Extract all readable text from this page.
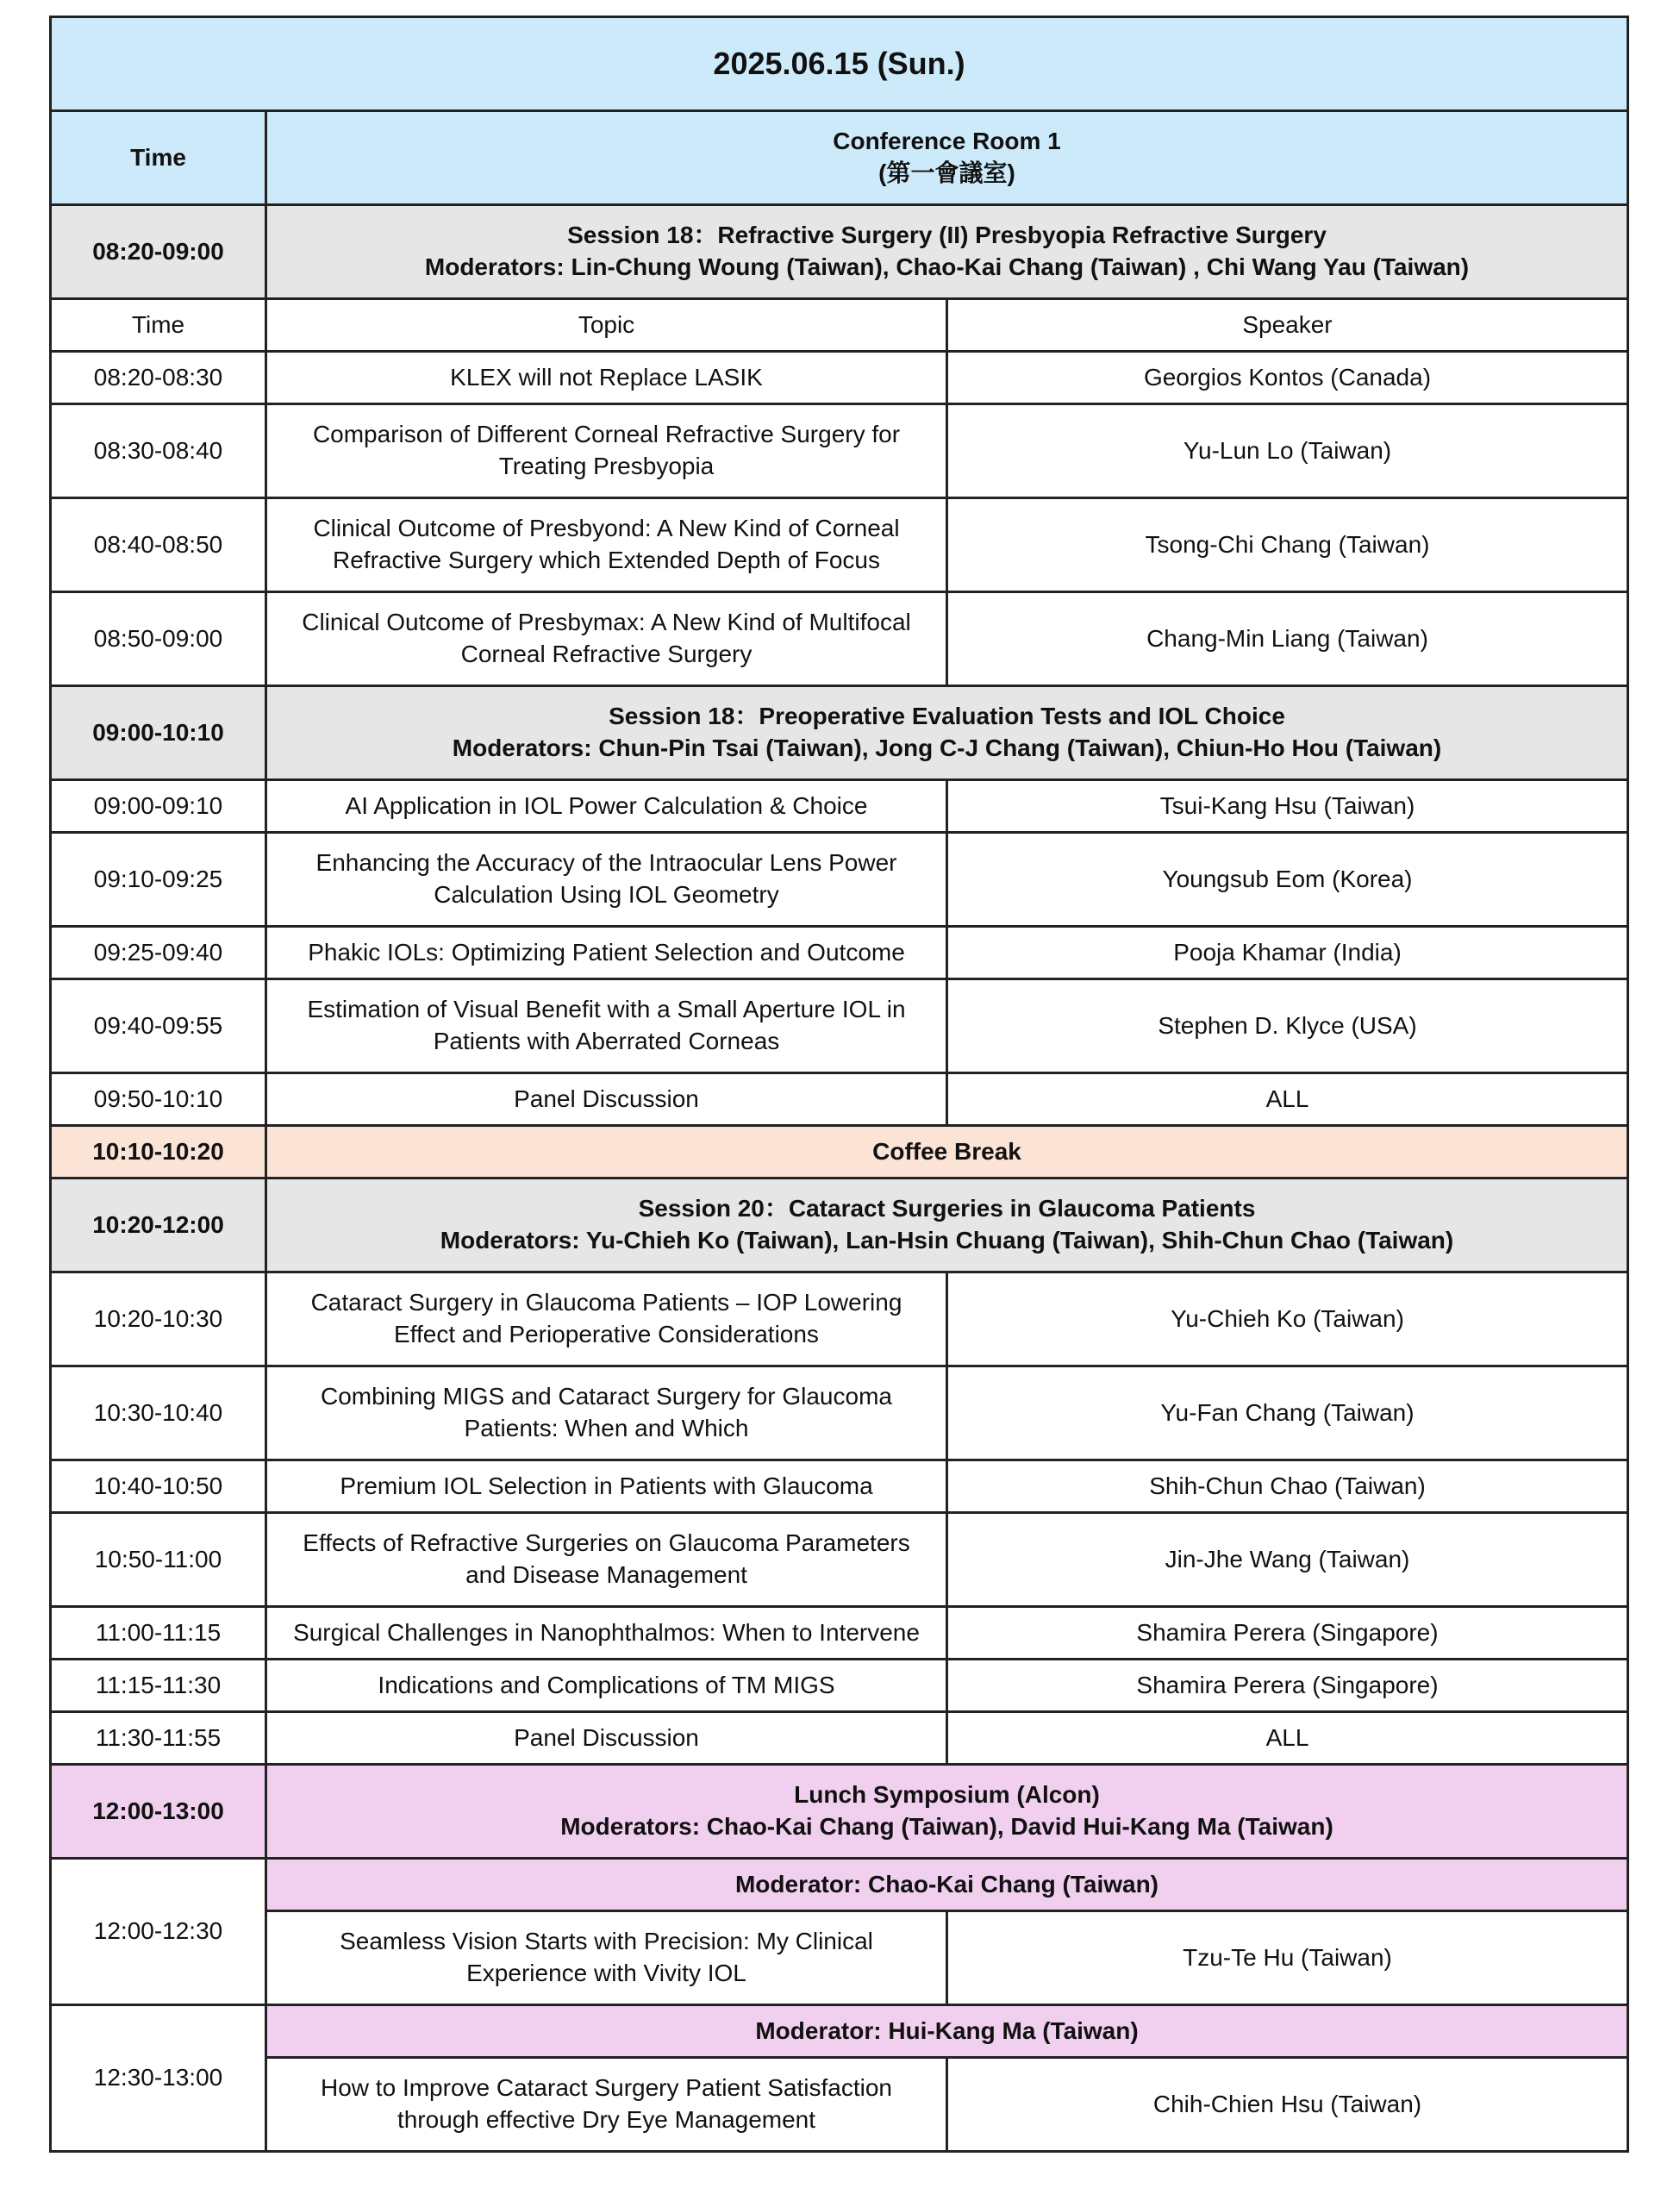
2025.06.15 (Sun.)		
Time	Conference Room 1
(第一會議室)	

08:20-09:00	Session 18：Refractive Surgery (II) Presbyopia Refractive Surgery
Moderators: Lin-Chung Woung (Taiwan), Chao-Kai Chang (Taiwan) , Chi Wang Yau (Taiwan)	

Time	Topic	Speaker
08:20-08:30	KLEX will not Replace LASIK	Georgios Kontos (Canada)
08:30-08:40	Comparison of Different Corneal Refractive Surgery for
Treating Presbyopia	Yu-Lun Lo (Taiwan)
08:40-08:50	Clinical Outcome of Presbyond: A New Kind of Corneal
Refractive Surgery which Extended Depth of Focus	Tsong-Chi Chang (Taiwan)
08:50-09:00	Clinical Outcome of Presbymax: A New Kind of Multifocal
Corneal Refractive Surgery	Chang-Min Liang (Taiwan)
09:00-10:10	Session 18：Preoperative Evaluation Tests and IOL Choice
Moderators: Chun-Pin Tsai (Taiwan), Jong C-J Chang (Taiwan), Chiun-Ho Hou (Taiwan)	

09:00-09:10	AI Application in IOL Power Calculation & Choice	Tsui-Kang Hsu (Taiwan)
09:10-09:25	Enhancing the Accuracy of the Intraocular Lens Power
Calculation Using IOL Geometry	Youngsub Eom (Korea)
09:25-09:40	Phakic IOLs: Optimizing Patient Selection and Outcome	Pooja Khamar (India)
09:40-09:55	Estimation of Visual Benefit with a Small Aperture IOL in
Patients with Aberrated Corneas	Stephen D. Klyce (USA)
09:50-10:10	Panel Discussion	ALL
10:10-10:20	Coffee Break	
10:20-12:00	Session 20：Cataract Surgeries in Glaucoma Patients
Moderators: Yu-Chieh Ko (Taiwan), Lan-Hsin Chuang (Taiwan), Shih-Chun Chao (Taiwan)	

10:20-10:30	Cataract Surgery in Glaucoma Patients – IOP Lowering
Effect and Perioperative Considerations	Yu-Chieh Ko (Taiwan)
10:30-10:40	Combining MIGS and Cataract Surgery for Glaucoma
Patients: When and Which	Yu-Fan Chang (Taiwan)
10:40-10:50	Premium IOL Selection in Patients with Glaucoma	Shih-Chun Chao (Taiwan)
10:50-11:00	Effects of Refractive Surgeries on Glaucoma Parameters
and Disease Management	Jin-Jhe Wang (Taiwan)
11:00-11:15	Surgical Challenges in Nanophthalmos: When to Intervene	Shamira Perera (Singapore)
11:15-11:30	Indications and Complications of TM MIGS	Shamira Perera (Singapore)
11:30-11:55	Panel Discussion	ALL
12:00-13:00	Lunch Symposium (Alcon)
Moderators: Chao-Kai Chang (Taiwan), David Hui-Kang Ma (Taiwan)	

12:00-12:30	Moderator: Chao-Kai Chang (Taiwan)	

	Seamless Vision Starts with Precision: My Clinical
Experience with Vivity IOL	Tzu-Te Hu (Taiwan)
12:30-13:00	Moderator: Hui-Kang Ma (Taiwan)	

	How to Improve Cataract Surgery Patient Satisfaction
through effective Dry Eye Management	Chih-Chien Hsu (Taiwan)
